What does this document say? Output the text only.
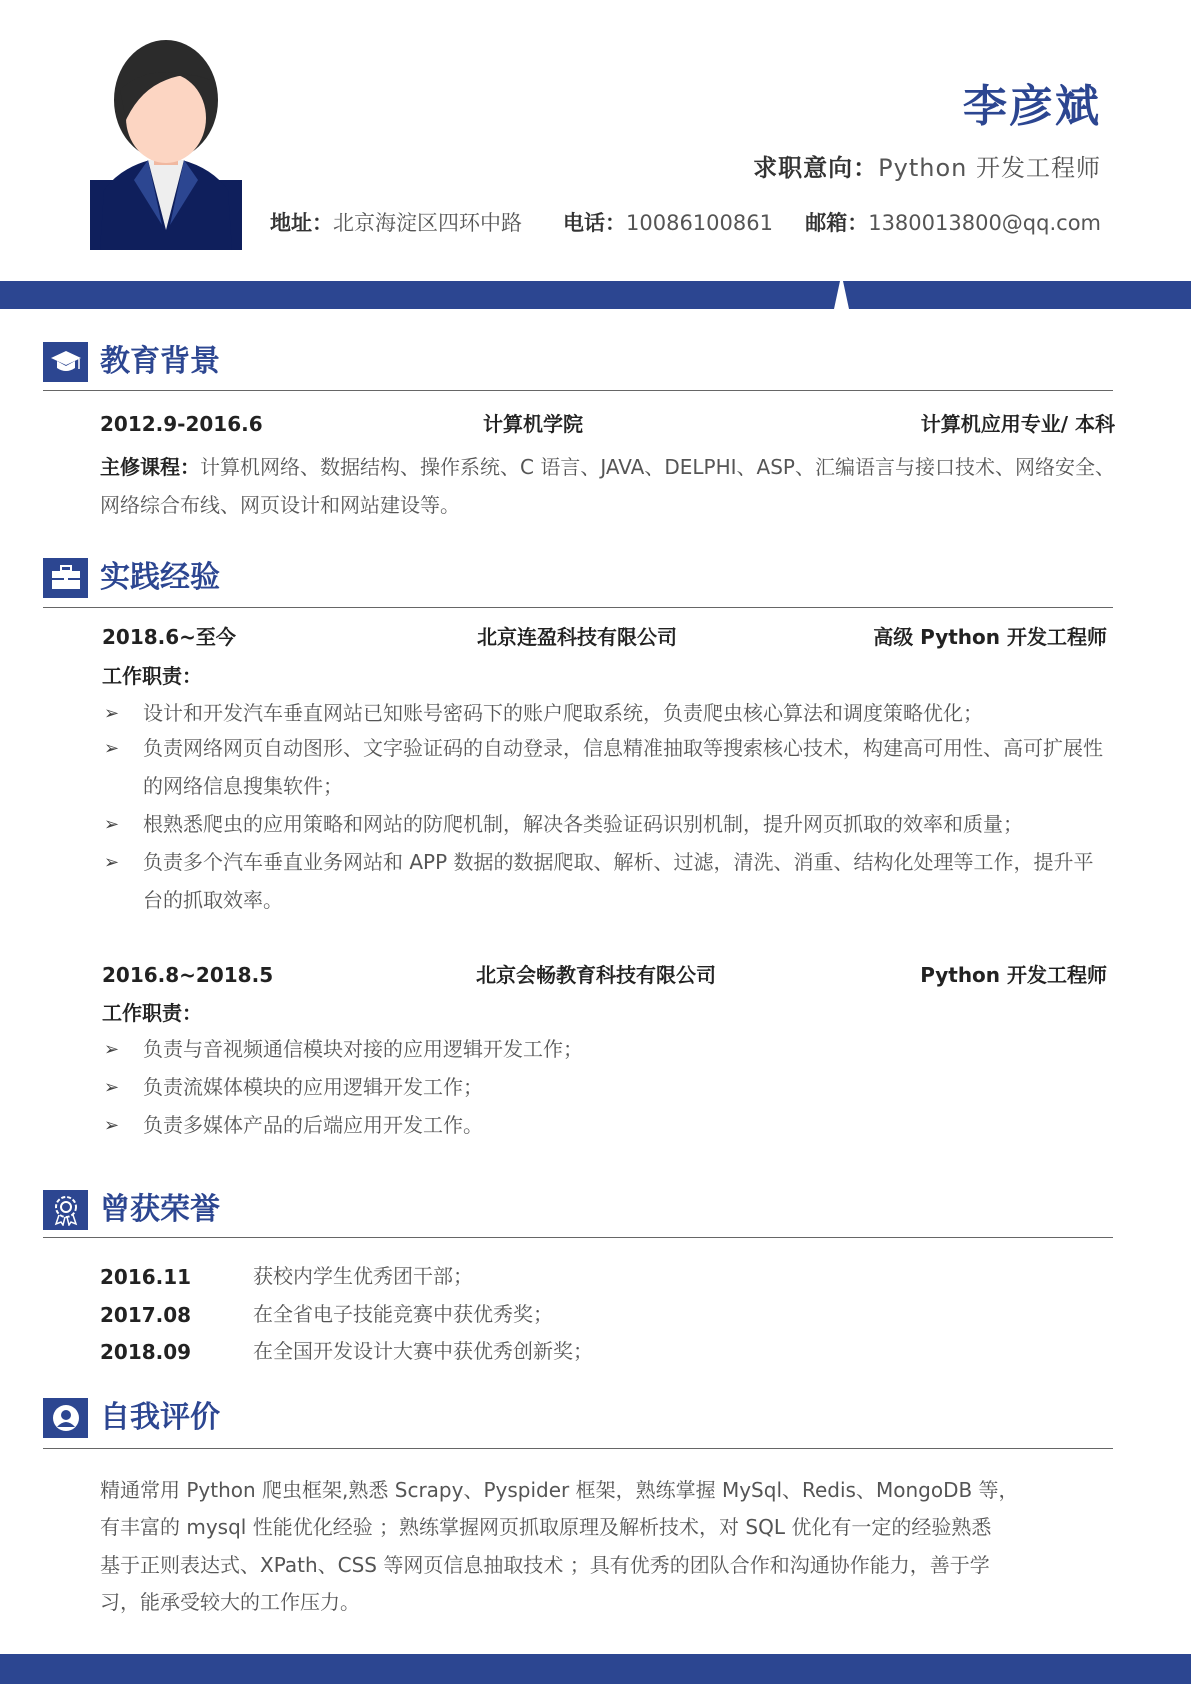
李彦斌
求职意向：Python 开发工程师
地址：北京海淀区四环中路 电话：10086100861 邮箱：1380013800@qq.com
教育背景
2012.9-2016.6	计算机学院	计算机应用专业/ 本科
主修课程：计算机网络、数据结构、操作系统、C 语言、JAVA、DELPHI、ASP、汇编语言与接口技术、网络安全、网络综合布线、网页设计和网站建设等。
实践经验
2018.6~至今	北京连盈科技有限公司	高级 Python 开发工程师
工作职责：
➢ 设计和开发汽车垂直网站已知账号密码下的账户爬取系统，负责爬虫核心算法和调度策略优化；
➢ 负责网络网页自动图形、文字验证码的自动登录，信息精准抽取等搜索核心技术，构建高可用性、高可扩展性的网络信息搜集软件；
➢ 根熟悉爬虫的应用策略和网站的防爬机制，解决各类验证码识别机制，提升网页抓取的效率和质量；
➢ 负责多个汽车垂直业务网站和 APP 数据的数据爬取、解析、过滤，清洗、消重、结构化处理等工作，提升平台的抓取效率。
2016.8~2018.5	北京会畅教育科技有限公司	Python 开发工程师
工作职责：
➢ 负责与音视频通信模块对接的应用逻辑开发工作；
➢ 负责流媒体模块的应用逻辑开发工作；
➢ 负责多媒体产品的后端应用开发工作。
曾获荣誉
2016.11	获校内学生优秀团干部；
2017.08	在全省电子技能竞赛中获优秀奖；
2018.09	在全国开发设计大赛中获优秀创新奖；
自我评价
精通常用 Python 爬虫框架,熟悉 Scrapy、Pyspider 框架，熟练掌握 MySql、Redis、MongoDB 等，
有丰富的 mysql 性能优化经验 ；熟练掌握网页抓取原理及解析技术，对 SQL 优化有一定的经验熟悉
基于正则表达式、XPath、CSS 等网页信息抽取技术 ；具有优秀的团队合作和沟通协作能力，善于学
习，能承受较大的工作压力。
